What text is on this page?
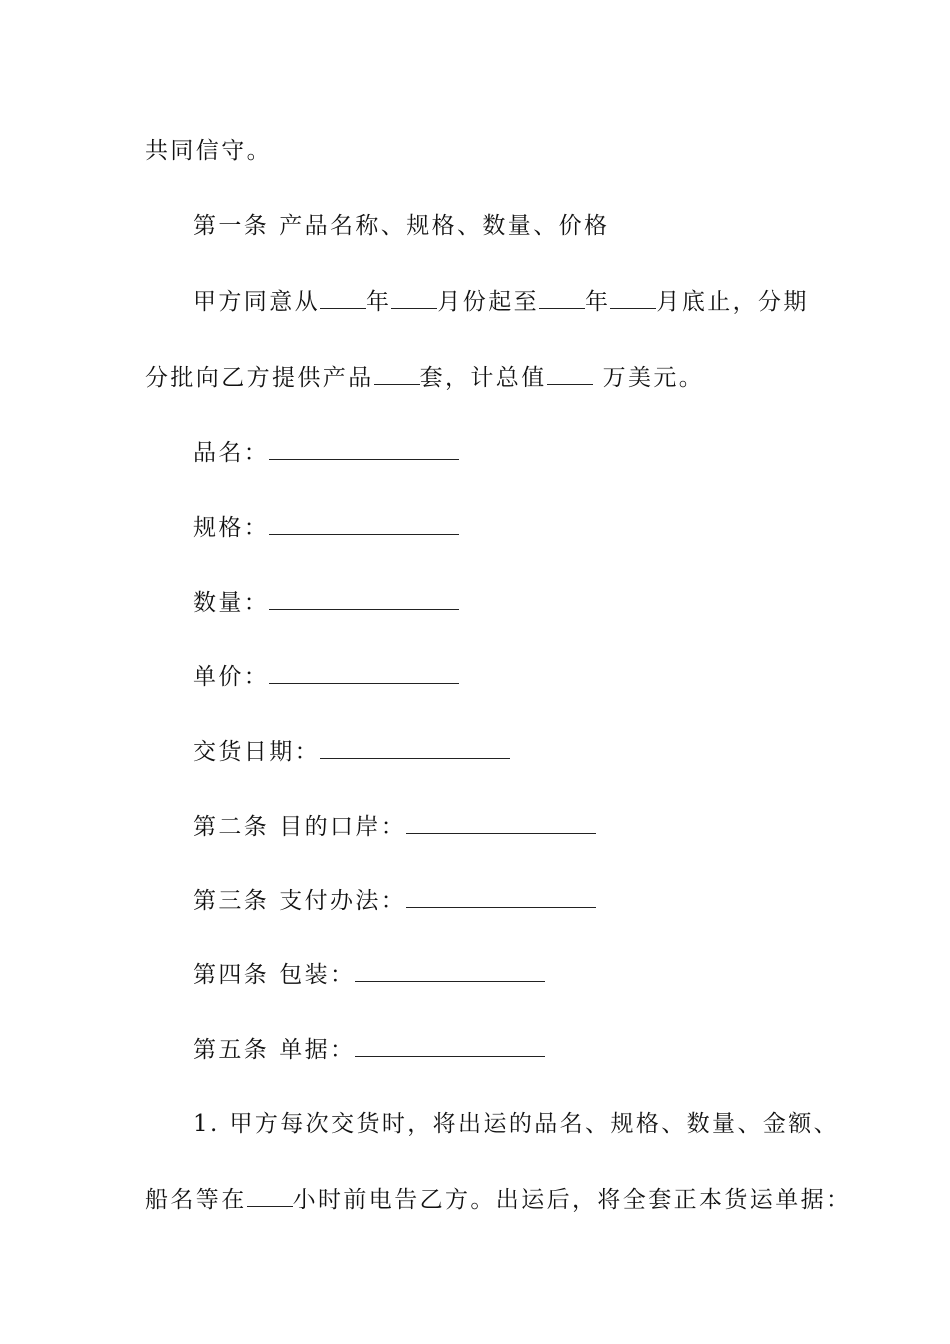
共同信守。
第一条 产品名称、规格、数量、价格
甲方同意从 年 月份起至 年 月底止，分期
分批向乙方提供产品 套，计总值 万美元。
品名：
规格：
数量：
单价：
交货日期：
第二条 目的口岸：
第三条 支付办法：
第四条 包装：
第五条 单据：
1. 甲方每次交货时，将出运的品名、规格、数量、金额、
船名等在 小时前电告乙方。出运后，将全套正本货运单据：
